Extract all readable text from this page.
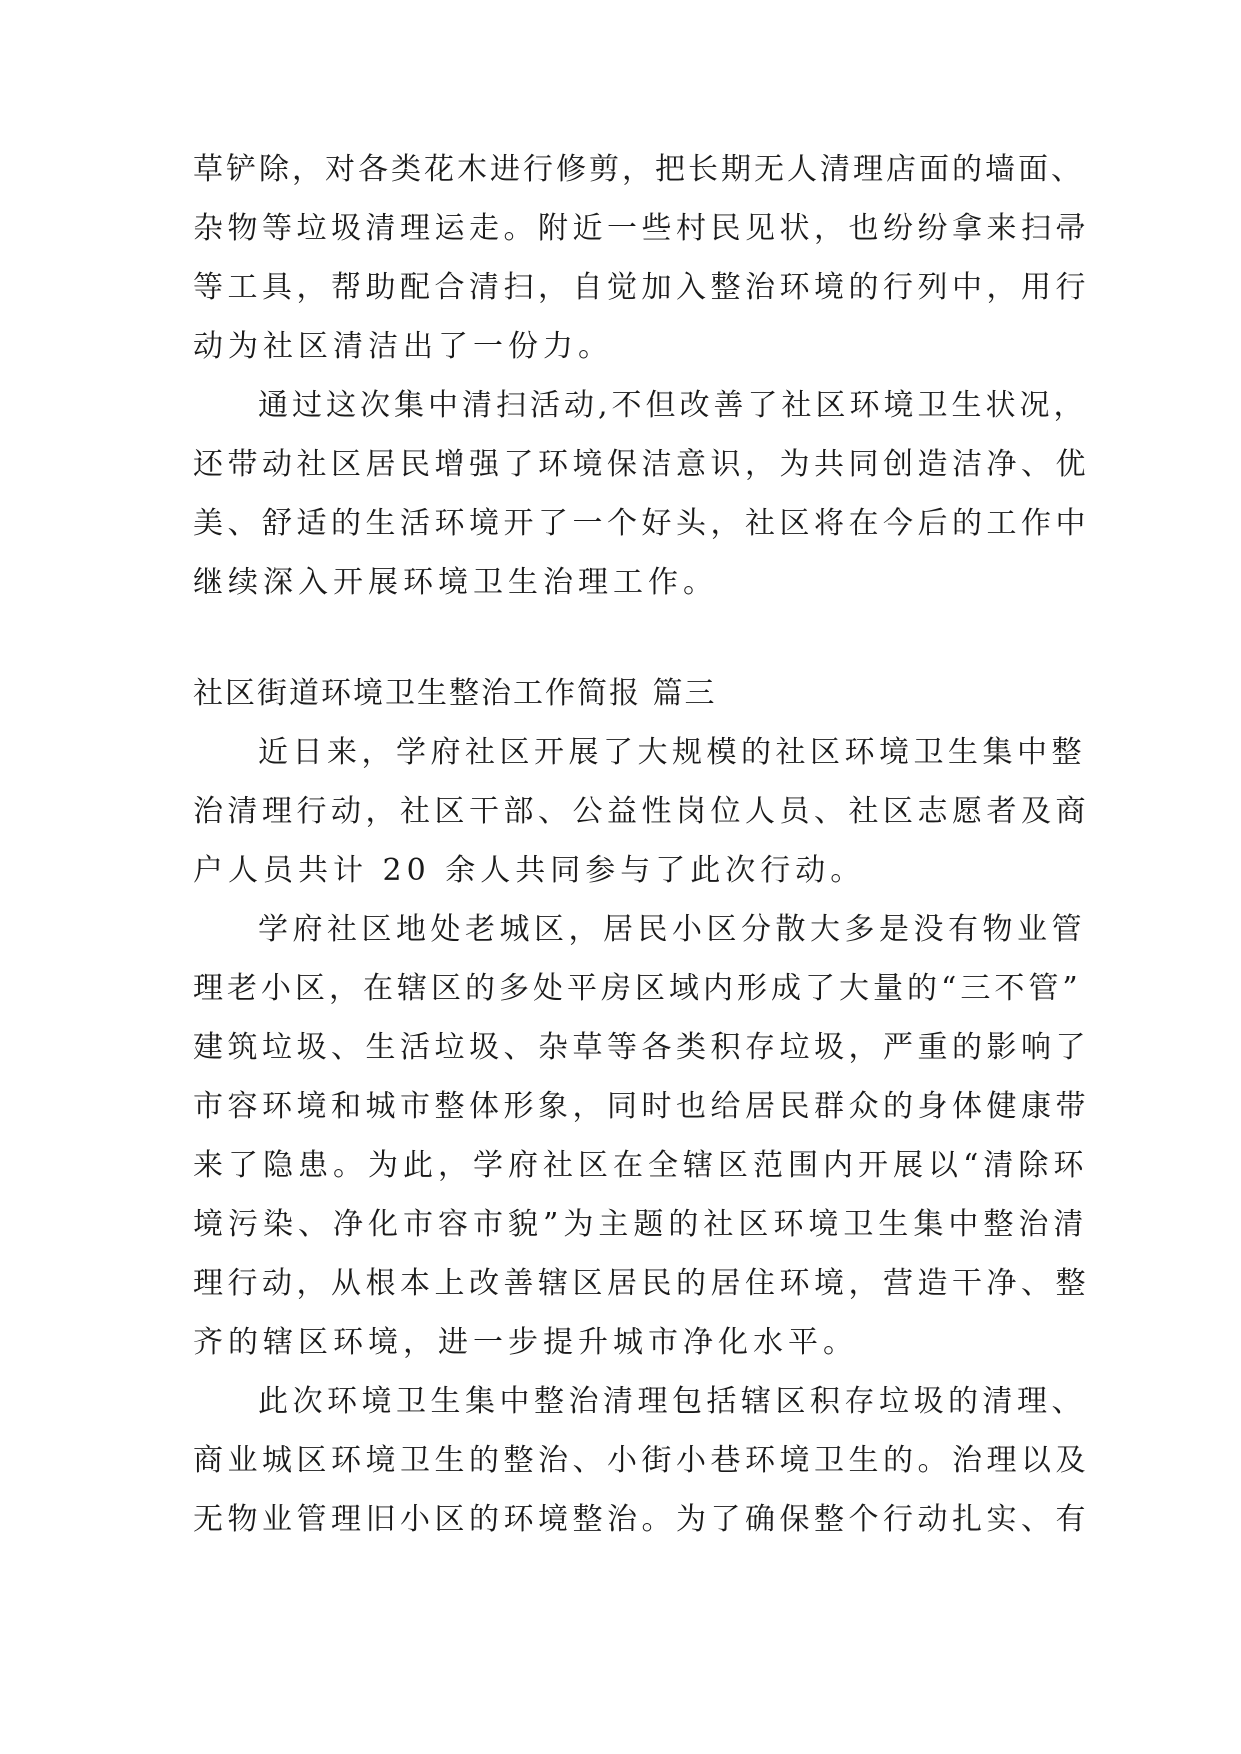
草铲除，对各类花木进行修剪，把长期无人清理店面的墙面、
杂物等垃圾清理运走。附近一些村民见状，也纷纷拿来扫帚
等工具，帮助配合清扫，自觉加入整治环境的行列中，用行
动为社区清洁出了一份力。
通过这次集中清扫活动,不但改善了社区环境卫生状况，
还带动社区居民增强了环境保洁意识，为共同创造洁净、优
美、舒适的生活环境开了一个好头，社区将在今后的工作中
继续深入开展环境卫生治理工作。
社区街道环境卫生整治工作简报 篇三
近日来，学府社区开展了大规模的社区环境卫生集中整
治清理行动，社区干部、公益性岗位人员、社区志愿者及商
户人员共计 20 余人共同参与了此次行动。
学府社区地处老城区，居民小区分散大多是没有物业管
理老小区，在辖区的多处平房区域内形成了大量的“三不管”
建筑垃圾、生活垃圾、杂草等各类积存垃圾，严重的影响了
市容环境和城市整体形象，同时也给居民群众的身体健康带
来了隐患。为此，学府社区在全辖区范围内开展以“清除环
境污染、净化市容市貌”为主题的社区环境卫生集中整治清
理行动，从根本上改善辖区居民的居住环境，营造干净、整
齐的辖区环境，进一步提升城市净化水平。
此次环境卫生集中整治清理包括辖区积存垃圾的清理、
商业城区环境卫生的整治、小街小巷环境卫生的。治理以及
无物业管理旧小区的环境整治。为了确保整个行动扎实、有
